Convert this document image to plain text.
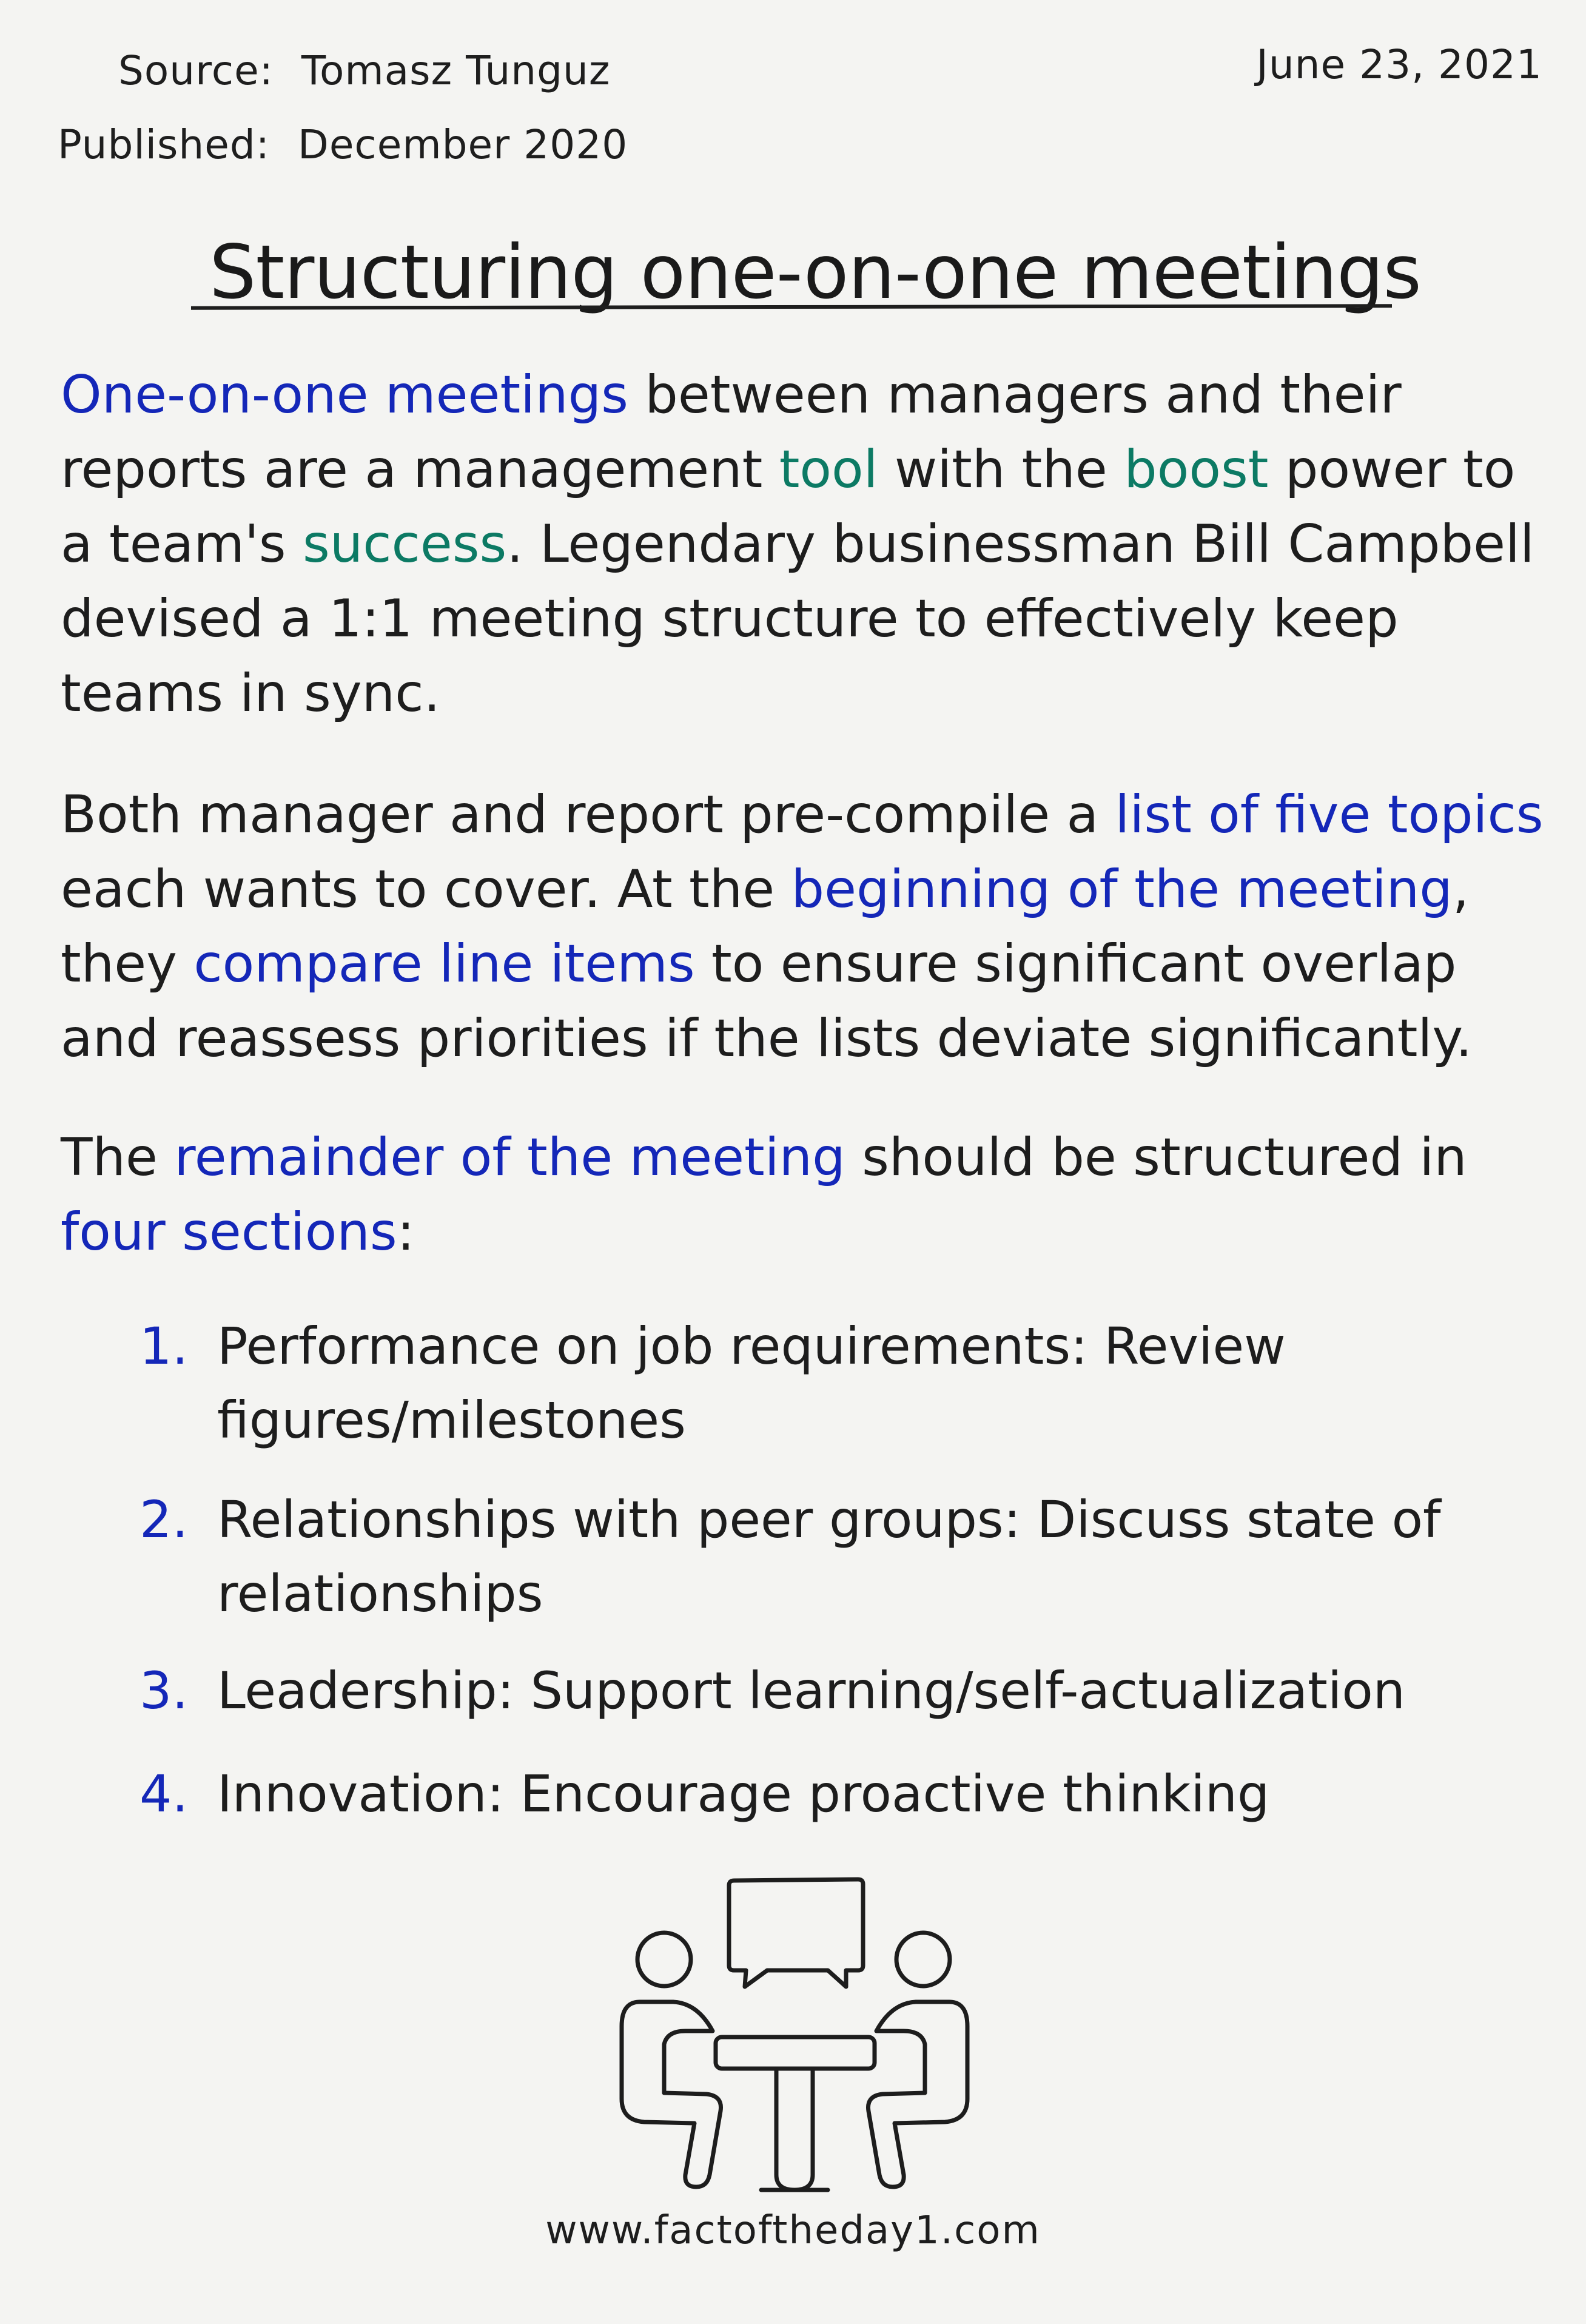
Source: Tomasz Tunguz
Published: December 2020
June 23, 2021
Structuring one-on-one meetings

One-on-one meetings between managers and their reports are a management tool with the boost power to a team's success. Legendary businessman Bill Campbell devised a 1:1 meeting structure to effectively keep teams in sync.

Both manager and report pre-compile a list of five topics each wants to cover. At the beginning of the meeting, they compare line items to ensure significant overlap and reassess priorities if the lists deviate significantly.

The remainder of the meeting should be structured in four sections:

1. Performance on job requirements: Review figures/milestones
2. Relationships with peer groups: Discuss state of relationships
3. Leadership: Support learning/self-actualization
4. Innovation: Encourage proactive thinking
www.factoftheday1.com
